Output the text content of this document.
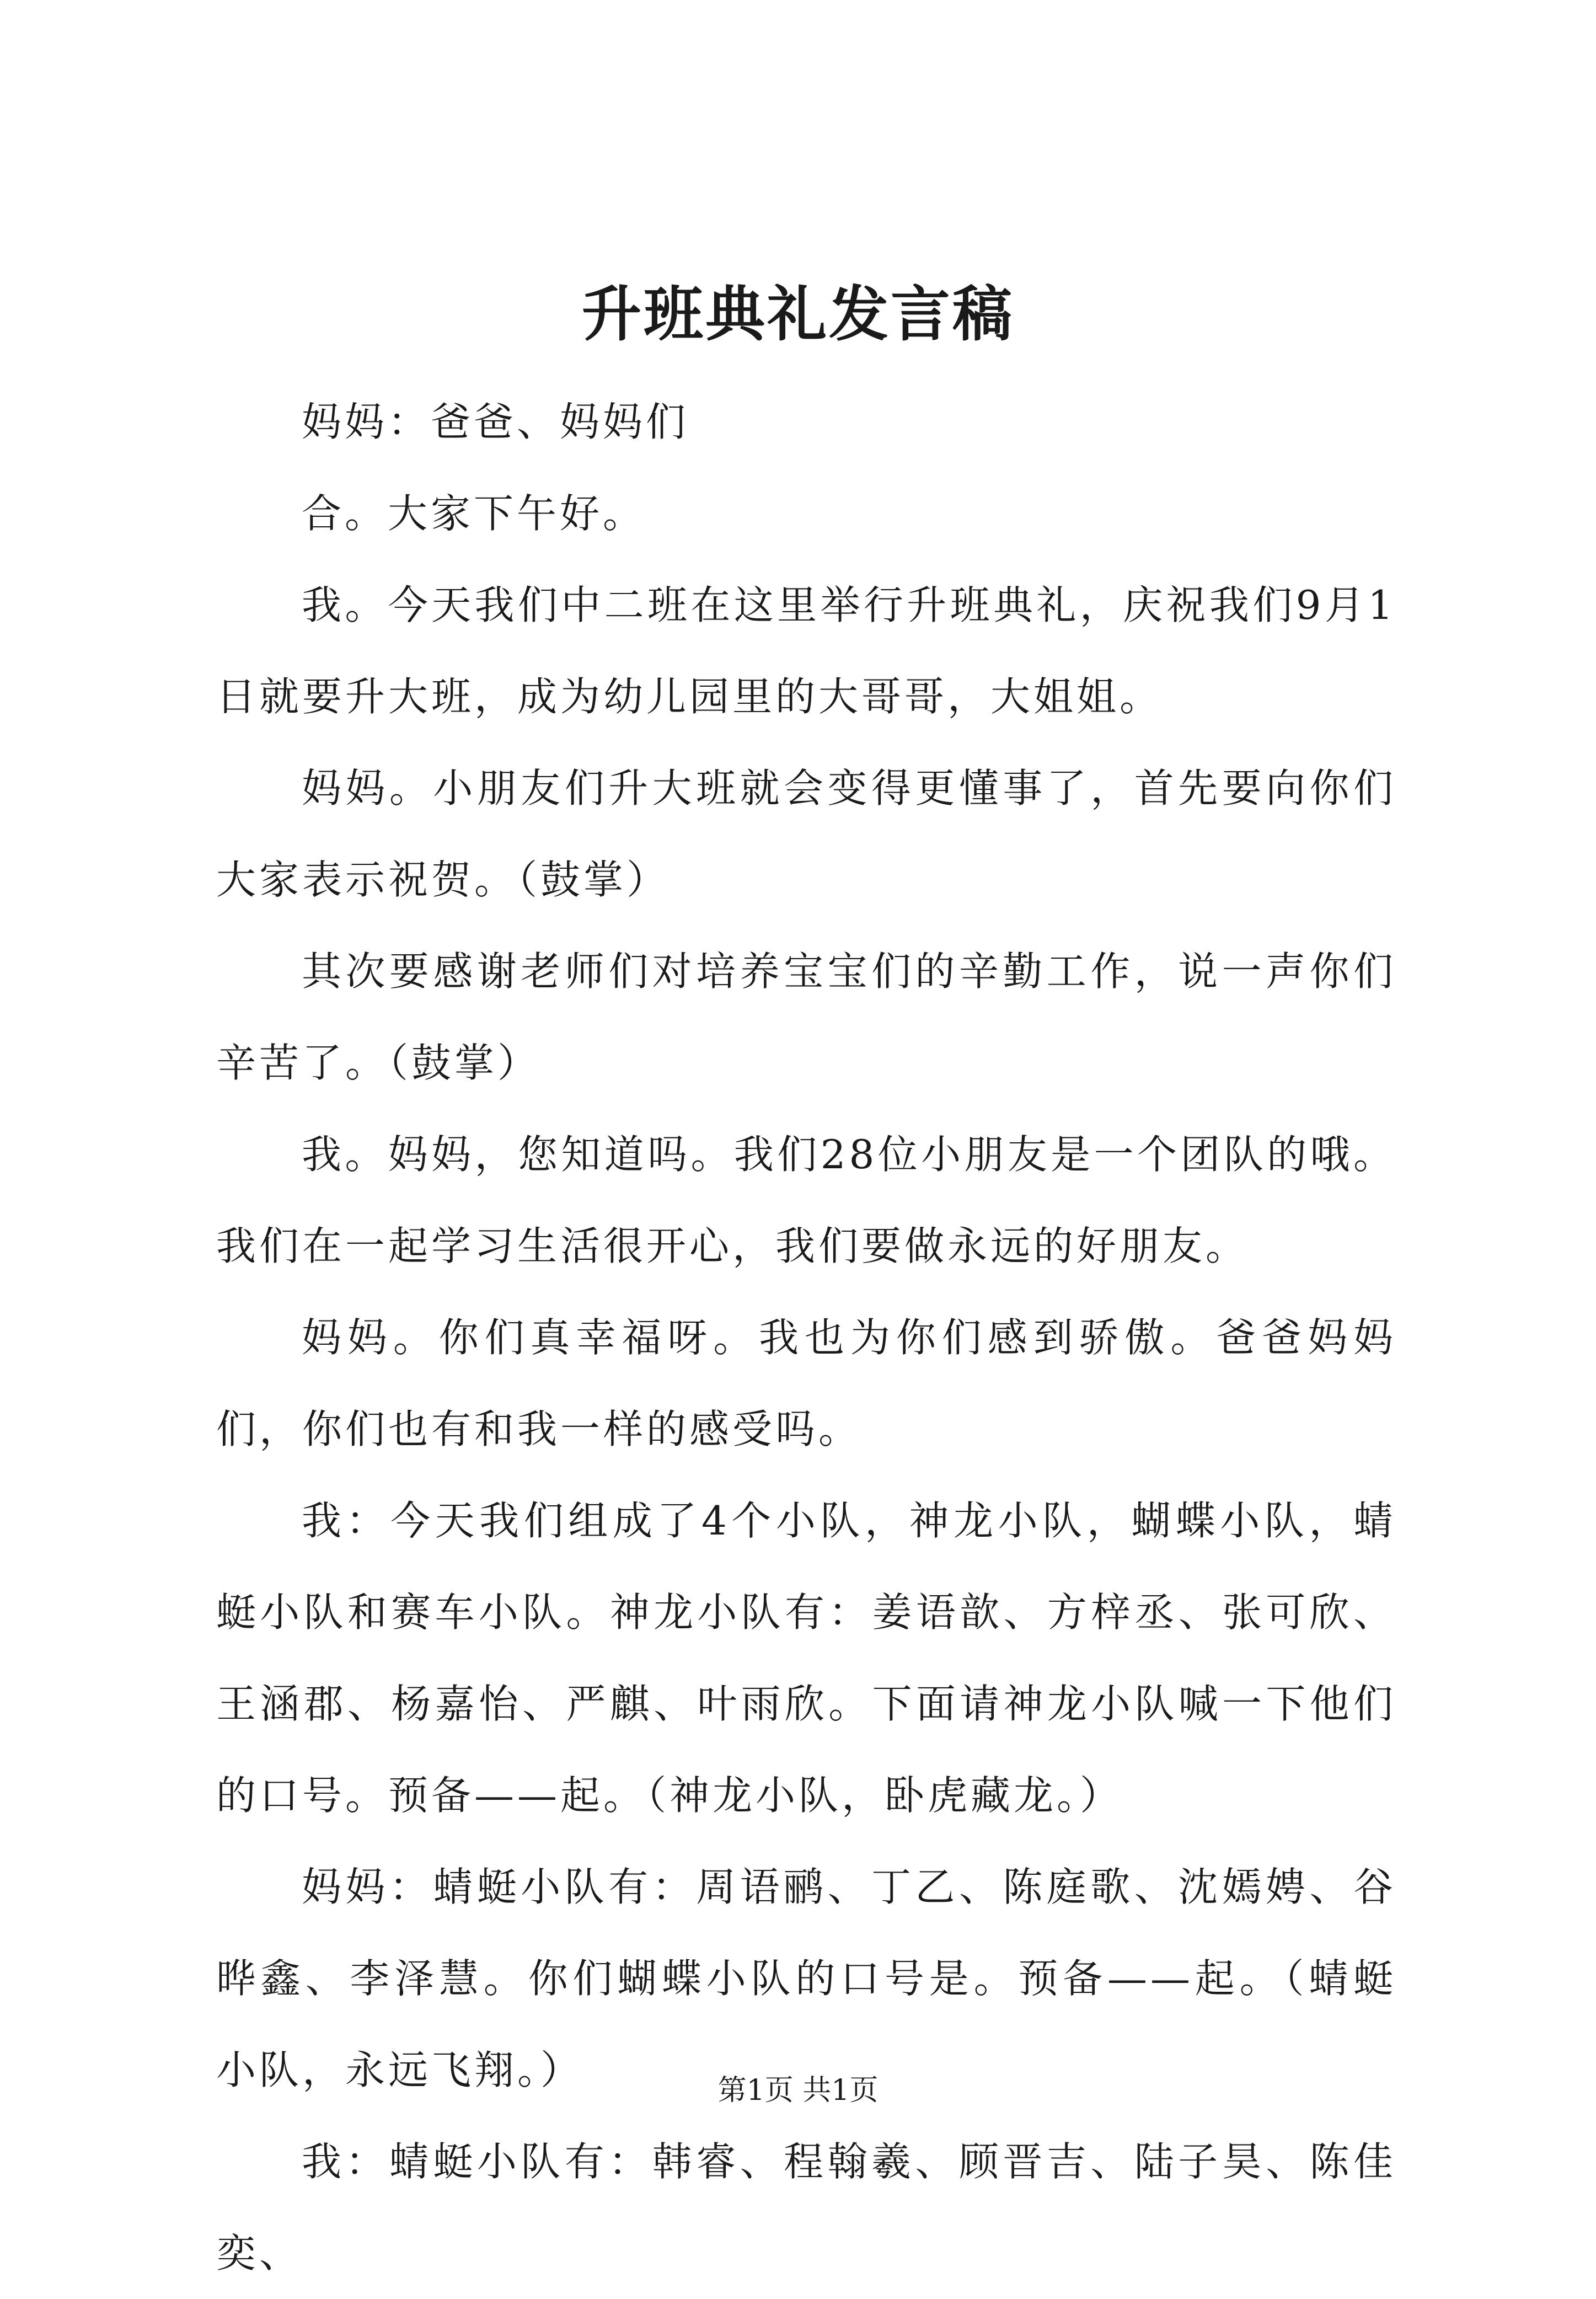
升班典礼发言稿

妈妈：爸爸、妈妈们

合。大家下午好。

我。今天我们中二班在这里举行升班典礼，庆祝我们9月1日就要升大班，成为幼儿园里的大哥哥，大姐姐。

妈妈。小朋友们升大班就会变得更懂事了，首先要向你们大家表示祝贺。（鼓掌）

其次要感谢老师们对培养宝宝们的辛勤工作，说一声你们辛苦了。（鼓掌）

我。妈妈，您知道吗。我们28位小朋友是一个团队的哦。我们在一起学习生活很开心，我们要做永远的好朋友。

妈妈。你们真幸福呀。我也为你们感到骄傲。爸爸妈妈们，你们也有和我一样的感受吗。

我：今天我们组成了4个小队，神龙小队，蝴蝶小队，蜻蜓小队和赛车小队。神龙小队有：姜语歆、方梓丞、张可欣、王涵郡、杨嘉怡、严麒、叶雨欣。下面请神龙小队喊一下他们的口号。预备——起。（神龙小队，卧虎藏龙。）

妈妈：蜻蜓小队有：周语鹂、丁乙、陈庭歌、沈嫣娉、谷晔鑫、李泽慧。你们蝴蝶小队的口号是。预备——起。（蜻蜓小队，永远飞翔。）

我：蜻蜓小队有：韩睿、程翰羲、顾晋吉、陆子昊、陈佳奕、

第1页 共1页
